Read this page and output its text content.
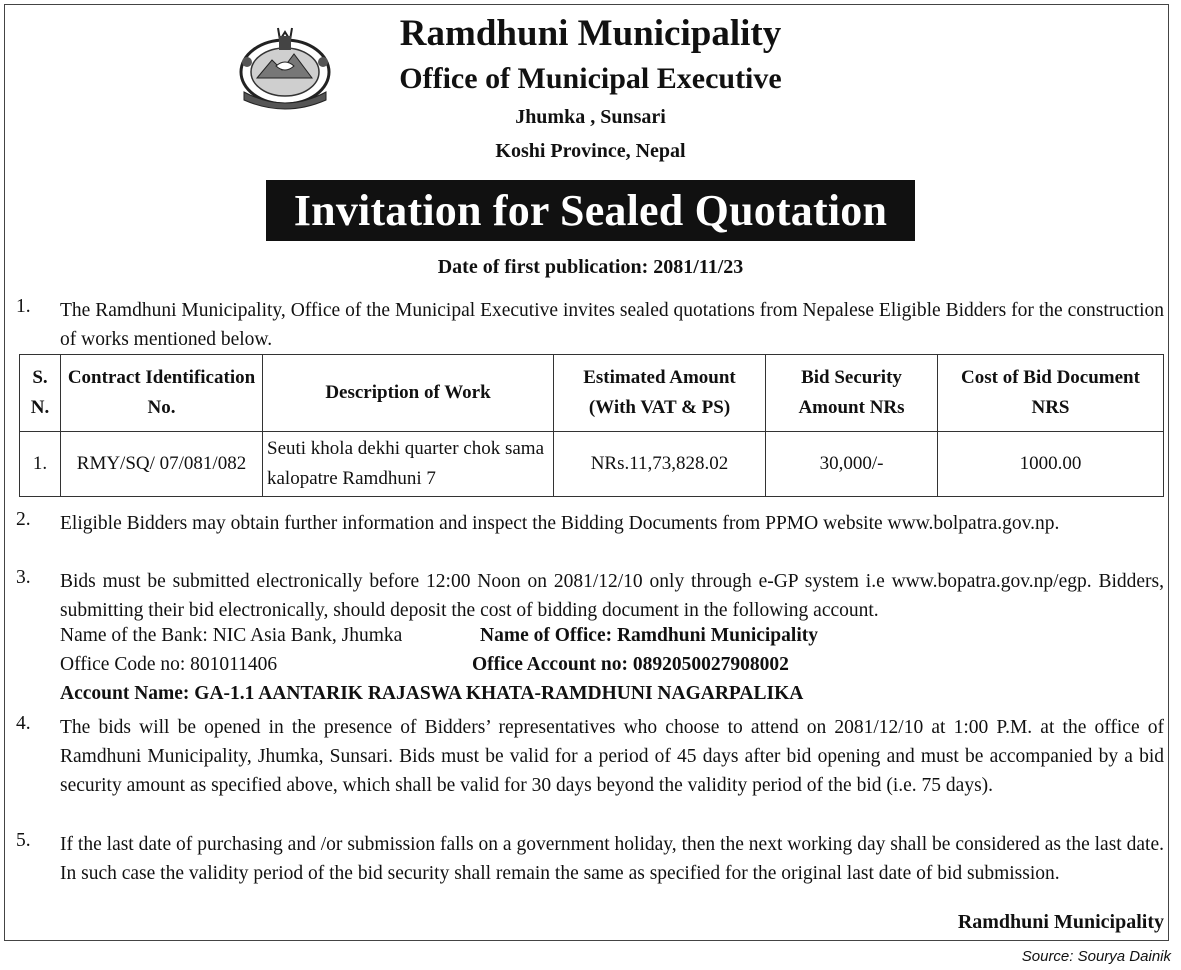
Ramdhuni Municipality
Office of Municipal Executive
Jhumka , Sunsari
Koshi Province, Nepal
Invitation for Sealed Quotation
Date of first publication: 2081/11/23
1. The Ramdhuni Municipality, Office of the Municipal Executive invites sealed quotations from Nepalese Eligible Bidders for the construction of works mentioned below.
S. N.	Contract Identification No.	Description of Work	Estimated Amount (With VAT & PS)	Bid Security Amount NRs	Cost of Bid Document NRS
1.	RMY/SQ/ 07/081/082	Seuti khola dekhi quarter chok sama kalopatre Ramdhuni 7	NRs.11,73,828.02	30,000/-	1000.00
2. Eligible Bidders may obtain further information and inspect the Bidding Documents from PPMO website www.bolpatra.gov.np.
3. Bids must be submitted electronically before 12:00 Noon on 2081/12/10 only through e-GP system i.e www.bopatra.gov.np/egp. Bidders, submitting their bid electronically, should deposit the cost of bidding document in the following account.
Name of the Bank: NIC Asia Bank, Jhumka	Name of Office: Ramdhuni Municipality
Office Code no: 801011406	Office Account no: 0892050027908002
Account Name: GA-1.1 AANTARIK RAJASWA KHATA-RAMDHUNI NAGARPALIKA
4. The bids will be opened in the presence of Bidders’ representatives who choose to attend on 2081/12/10 at 1:00 P.M. at the office of Ramdhuni Municipality, Jhumka, Sunsari. Bids must be valid for a period of 45 days after bid opening and must be accompanied by a bid security amount as specified above, which shall be valid for 30 days beyond the validity period of the bid (i.e. 75 days).
5. If the last date of purchasing and /or submission falls on a government holiday, then the next working day shall be considered as the last date. In such case the validity period of the bid security shall remain the same as specified for the original last date of bid submission.
Ramdhuni Municipality
Source: Sourya Dainik
